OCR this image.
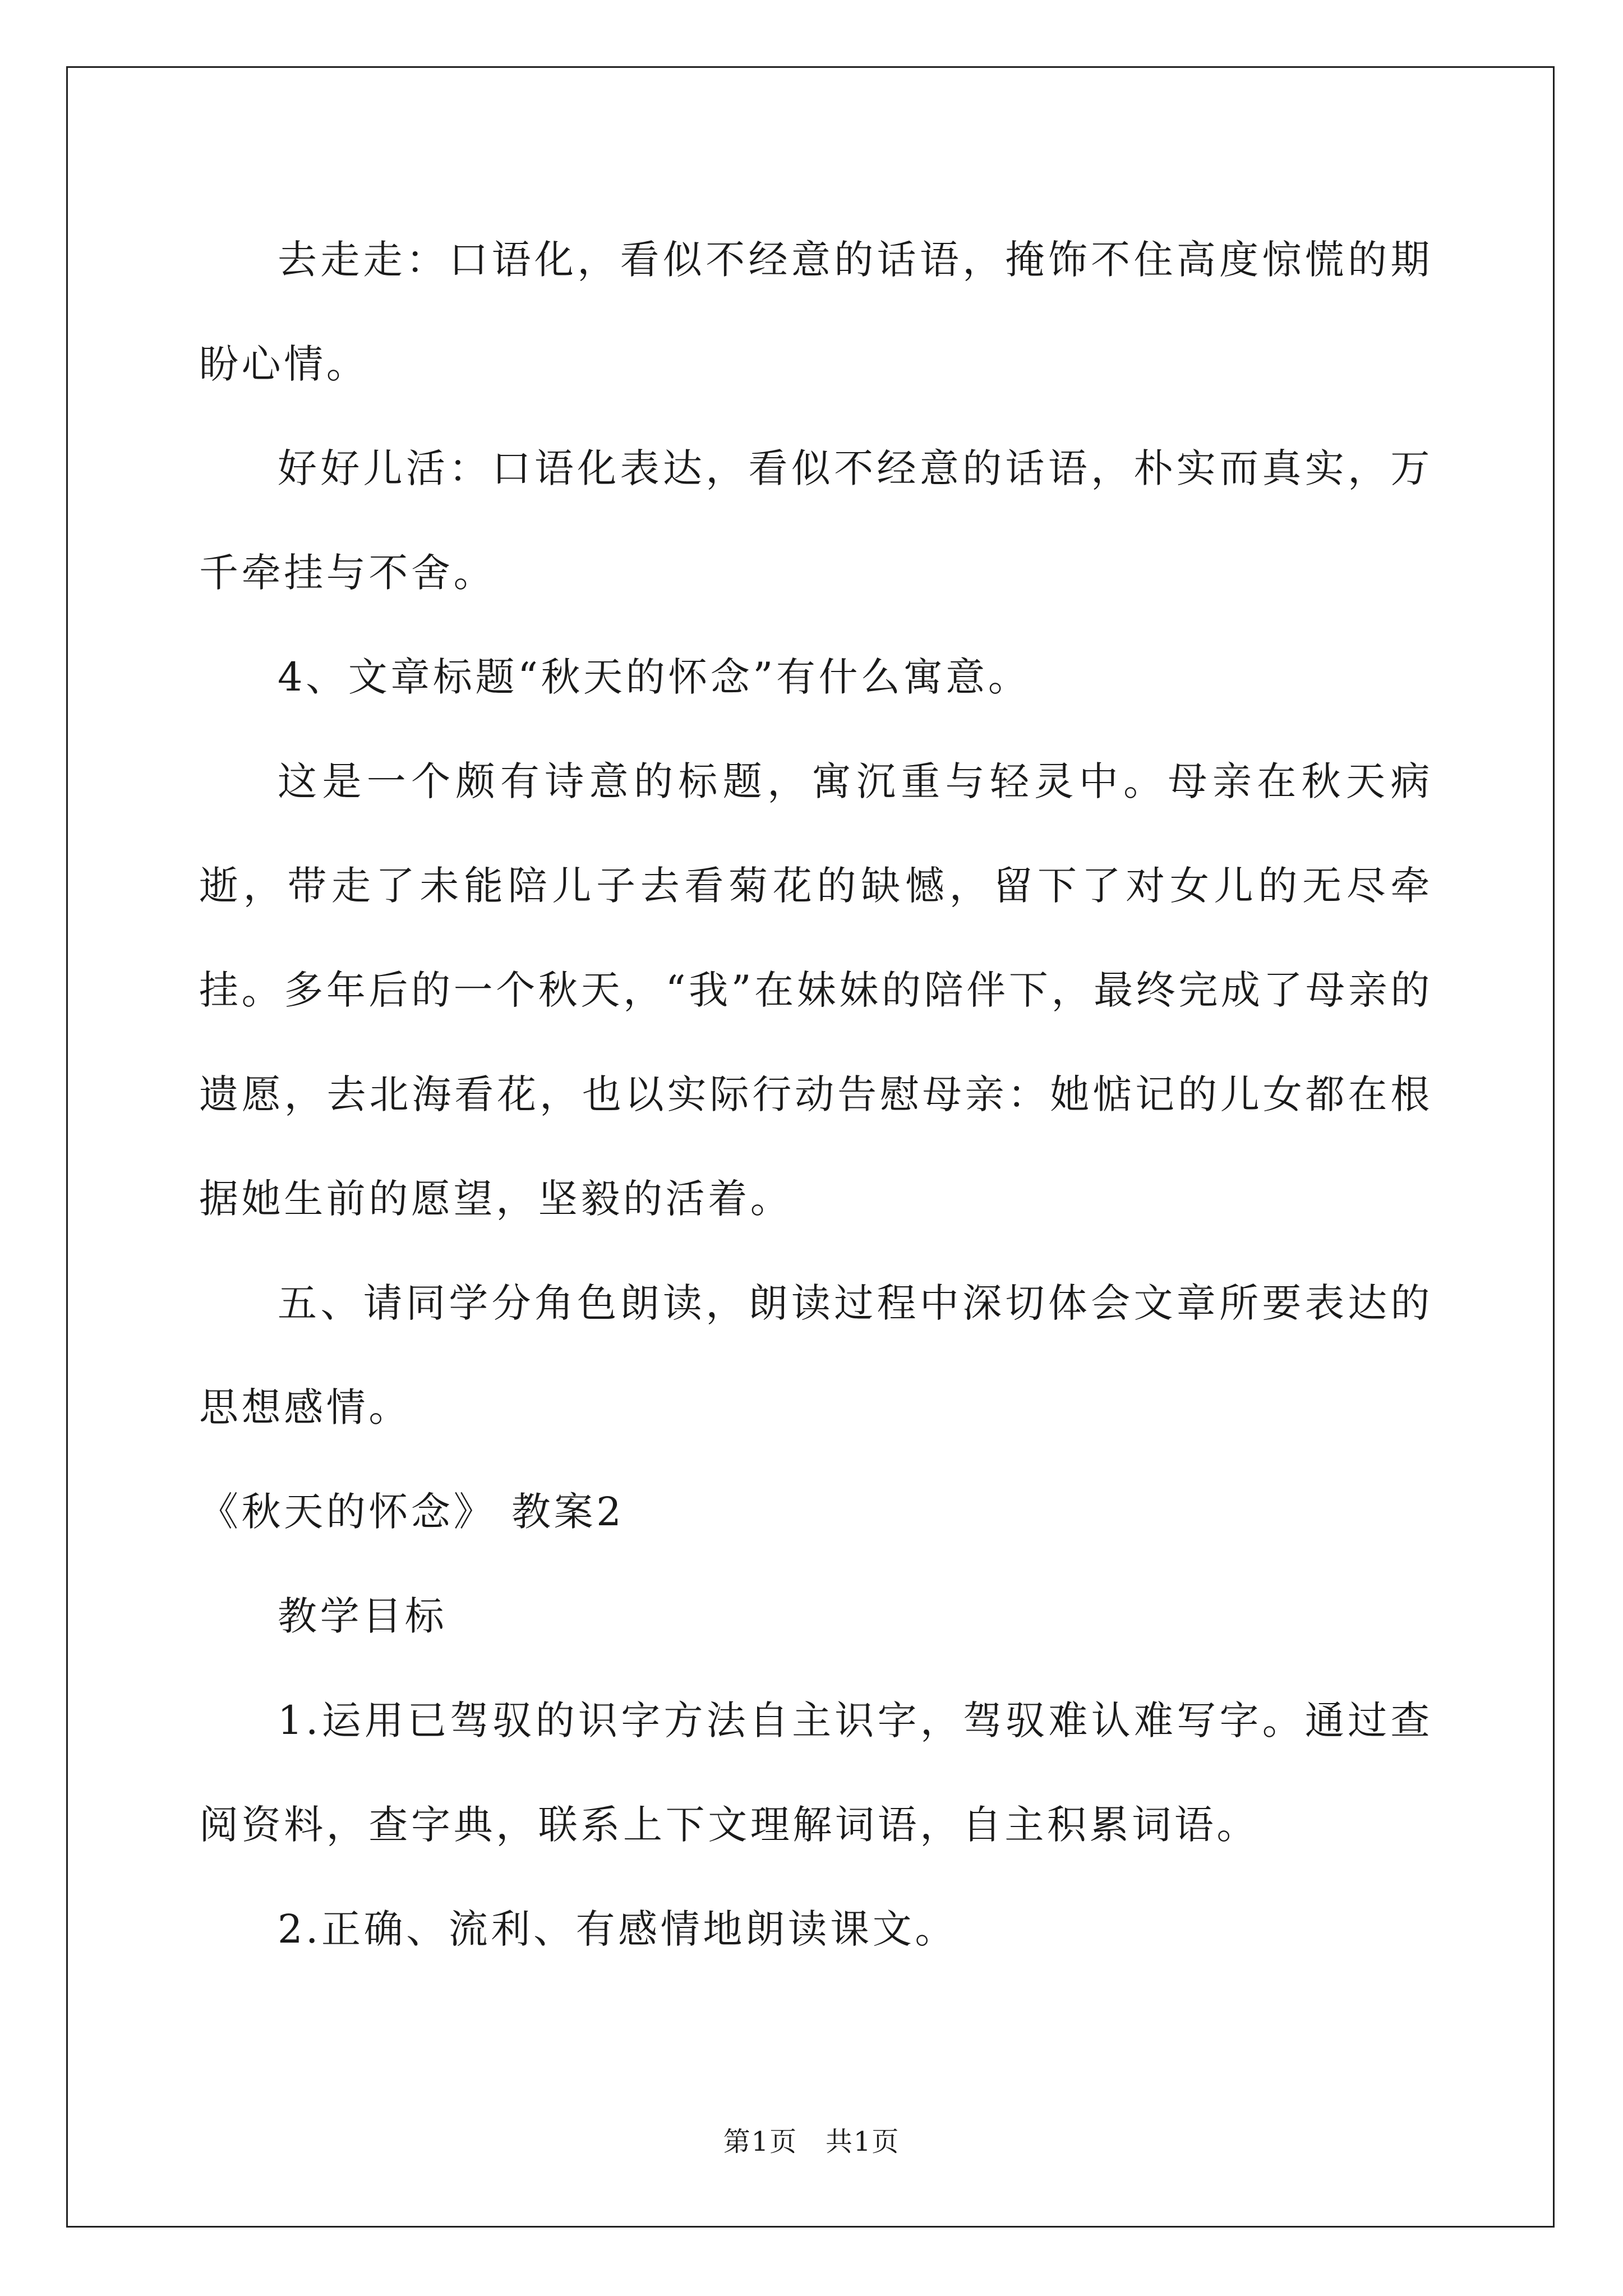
去走走：口语化，看似不经意的话语，掩饰不住高度惊慌的期盼心情。

好好儿活：口语化表达，看似不经意的话语，朴实而真实，万千牵挂与不舍。

4、文章标题“秋天的怀念”有什么寓意。

这是一个颇有诗意的标题，寓沉重与轻灵中。母亲在秋天病逝，带走了未能陪儿子去看菊花的缺憾，留下了对女儿的无尽牵挂。多年后的一个秋天，“我”在妹妹的陪伴下，最终完成了母亲的遗愿，去北海看花，也以实际行动告慰母亲：她惦记的儿女都在根据她生前的愿望，坚毅的活着。

五、请同学分角色朗读，朗读过程中深切体会文章所要表达的思想感情。

《秋天的怀念》 教案2

教学目标

1.运用已驾驭的识字方法自主识字，驾驭难认难写字。通过查阅资料，查字典，联系上下文理解词语，自主积累词语。

2.正确、流利、有感情地朗读课文。

第1页　共1页
